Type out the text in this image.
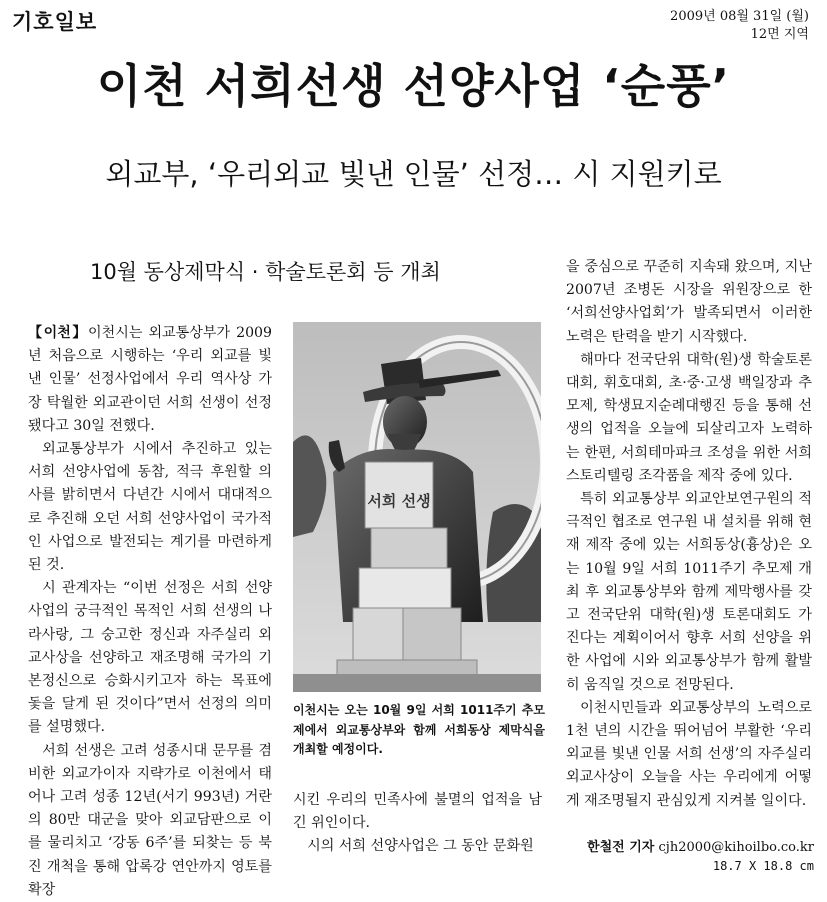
기호일보	2009년 08월 31일 (월)
12면 지역
이천 서희선생 선양사업 ‘순풍’
외교부, ‘우리외교 빛낸 인물’ 선정… 시 지원키로
10월 동상제막식 · 학술토론회 등 개최

【이천】이천시는 외교통상부가 2009년 처음으로 시행하는 ‘우리 외교를 빛낸 인물’ 선정사업에서 우리 역사상 가장 탁월한 외교관이던 서희 선생이 선정됐다고 30일 전했다.

외교통상부가 시에서 추진하고 있는 서희 선양사업에 동참, 적극 후원할 의사를 밝히면서 다년간 시에서 대대적으로 추진해 오던 서희 선양사업이 국가적인 사업으로 발전되는 계기를 마련하게 된 것.

시 관계자는 “이번 선정은 서희 선양사업의 궁극적인 목적인 서희 선생의 나라사랑, 그 숭고한 정신과 자주실리 외교사상을 선양하고 재조명해 국가의 기본정신으로 승화시키고자 하는 목표에 돛을 달게 된 것이다”면서 선정의 의미를 설명했다.

서희 선생은 고려 성종시대 문무를 겸비한 외교가이자 지략가로 이천에서 태어나 고려 성종 12년(서기 993년) 거란의 80만 대군을 맞아 외교담판으로 이를 물리치고 ‘강동 6주’를 되찾는 등 북진 개척을 통해 압록강 연안까지 영토를 확장

서희 선생
이천시는 오는 10월 9일 서희 1011주기 추모제에서 외교통상부와 함께 서희동상 제막식을 개최할 예정이다.

시킨 우리의 민족사에 불멸의 업적을 남긴 위인이다.

시의 서희 선양사업은 그 동안 문화원

을 중심으로 꾸준히 지속돼 왔으며, 지난 2007년 조병돈 시장을 위원장으로 한 ‘서희선양사업회’가 발족되면서 이러한 노력은 탄력을 받기 시작했다.

해마다 전국단위 대학(원)생 학술토론대회, 휘호대회, 초·중·고생 백일장과 추모제, 학생묘지순례대행진 등을 통해 선생의 업적을 오늘에 되살리고자 노력하는 한편, 서희테마파크 조성을 위한 서희스토리텔링 조각품을 제작 중에 있다.

특히 외교통상부 외교안보연구원의 적극적인 협조로 연구원 내 설치를 위해 현재 제작 중에 있는 서희동상(흉상)은 오는 10월 9일 서희 1011주기 추모제 개최 후 외교통상부와 함께 제막행사를 갖고 전국단위 대학(원)생 토론대회도 가진다는 계획이어서 향후 서희 선양을 위한 사업에 시와 외교통상부가 함께 활발히 움직일 것으로 전망된다.

이천시민들과 외교통상부의 노력으로 1천 년의 시간을 뛰어넘어 부활한 ‘우리 외교를 빛낸 인물 서희 선생’의 자주실리 외교사상이 오늘을 사는 우리에게 어떻게 재조명될지 관심있게 지켜볼 일이다.

한철전 기자 cjh2000@kihoilbo.co.kr
18.7 X 18.8 cm
